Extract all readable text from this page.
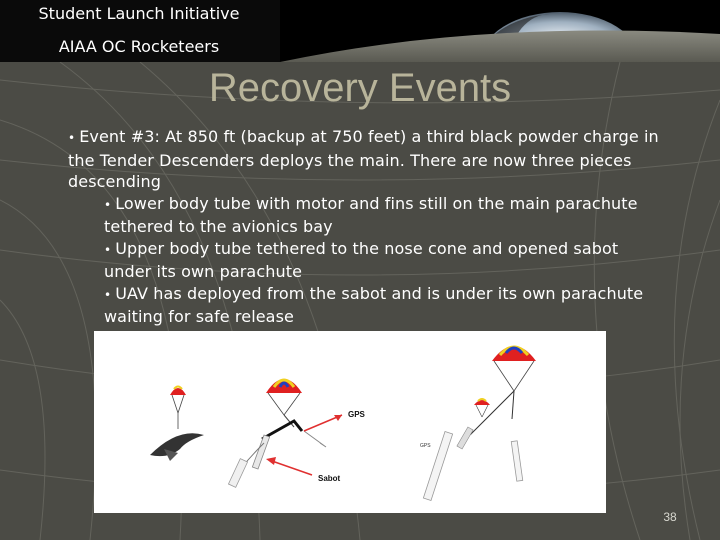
Student Launch Initiative
AIAA OC Rocketeers
Recovery Events

• Event #3: At 850 ft (backup at 750 feet) a third black powder charge in the Tender Descenders deploys the main. There are now three pieces descending

• Lower body tube with motor and fins still on the main parachute tethered to the avionics bay

• Upper body tube tethered to the nose cone and opened sabot under its own parachute

• UAV has deployed from the sabot and is under its own parachute waiting for safe release

GPS
Sabot
GPS
38
